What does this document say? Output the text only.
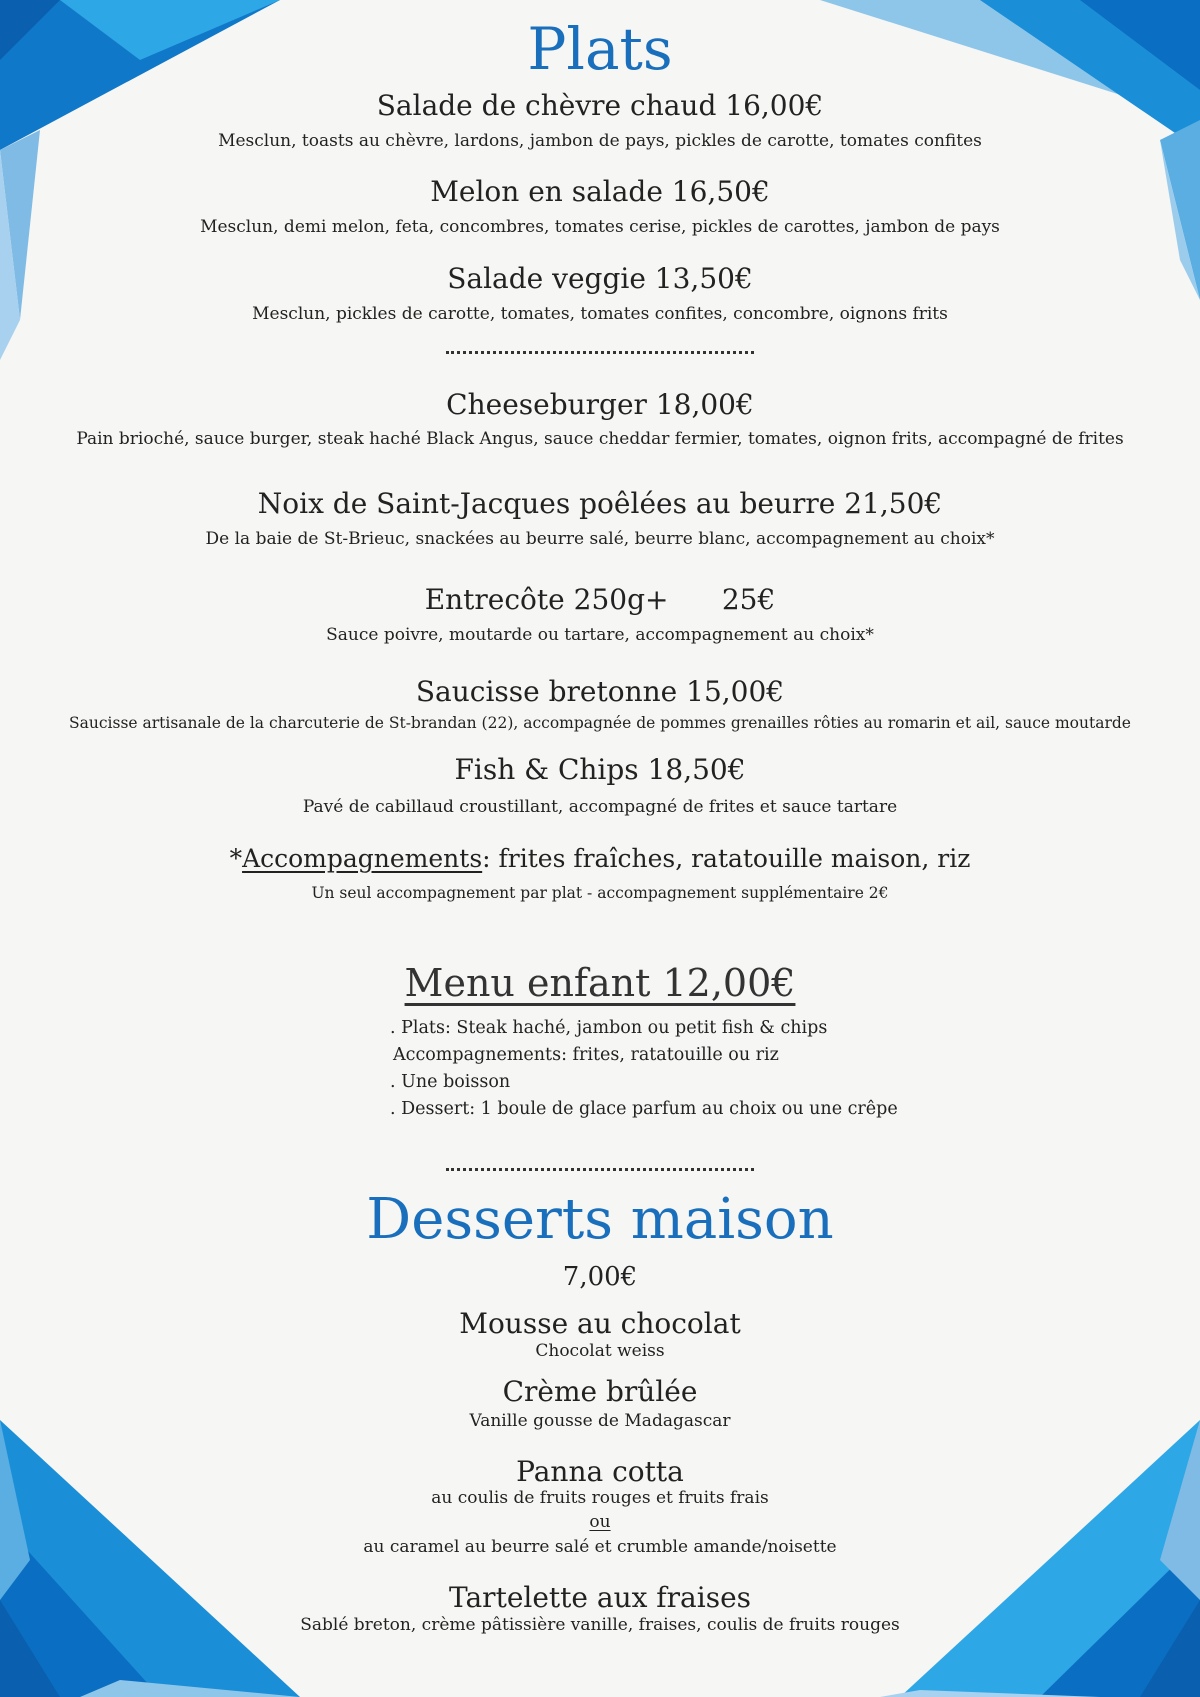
Plats
Salade de chèvre chaud 16,00€
Mesclun, toasts au chèvre, lardons, jambon de pays, pickles de carotte, tomates confites
Melon en salade 16,50€
Mesclun, demi melon, feta, concombres, tomates cerise, pickles de carottes, jambon de pays
Salade veggie 13,50€
Mesclun, pickles de carotte, tomates, tomates confites, concombre, oignons frits
Cheeseburger 18,00€
Pain brioché, sauce burger, steak haché Black Angus, sauce cheddar fermier, tomates, oignon frits, accompagné de frites
Noix de Saint-Jacques poêlées au beurre 21,50€
De la baie de St-Brieuc, snackées au beurre salé, beurre blanc, accompagnement au choix*
Entrecôte 250g+      25€
Sauce poivre, moutarde ou tartare, accompagnement au choix*
Saucisse bretonne 15,00€
Saucisse artisanale de la charcuterie de St-brandan (22), accompagnée de pommes grenailles rôties au romarin et ail, sauce moutarde
Fish & Chips 18,50€
Pavé de cabillaud croustillant, accompagné de frites et sauce tartare
*Accompagnements: frites fraîches, ratatouille maison, riz
Un seul accompagnement par plat - accompagnement supplémentaire 2€
Menu enfant 12,00€
. Plats: Steak haché, jambon ou petit fish & chips
Accompagnements: frites, ratatouille ou riz
. Une boisson
. Dessert: 1 boule de glace parfum au choix ou une crêpe
Desserts maison
7,00€
Mousse au chocolat
Chocolat weiss
Crème brûlée
Vanille gousse de Madagascar
Panna cotta
au coulis de fruits rouges et fruits frais
ou
au caramel au beurre salé et crumble amande/noisette
Tartelette aux fraises
Sablé breton, crème pâtissière vanille, fraises, coulis de fruits rouges
